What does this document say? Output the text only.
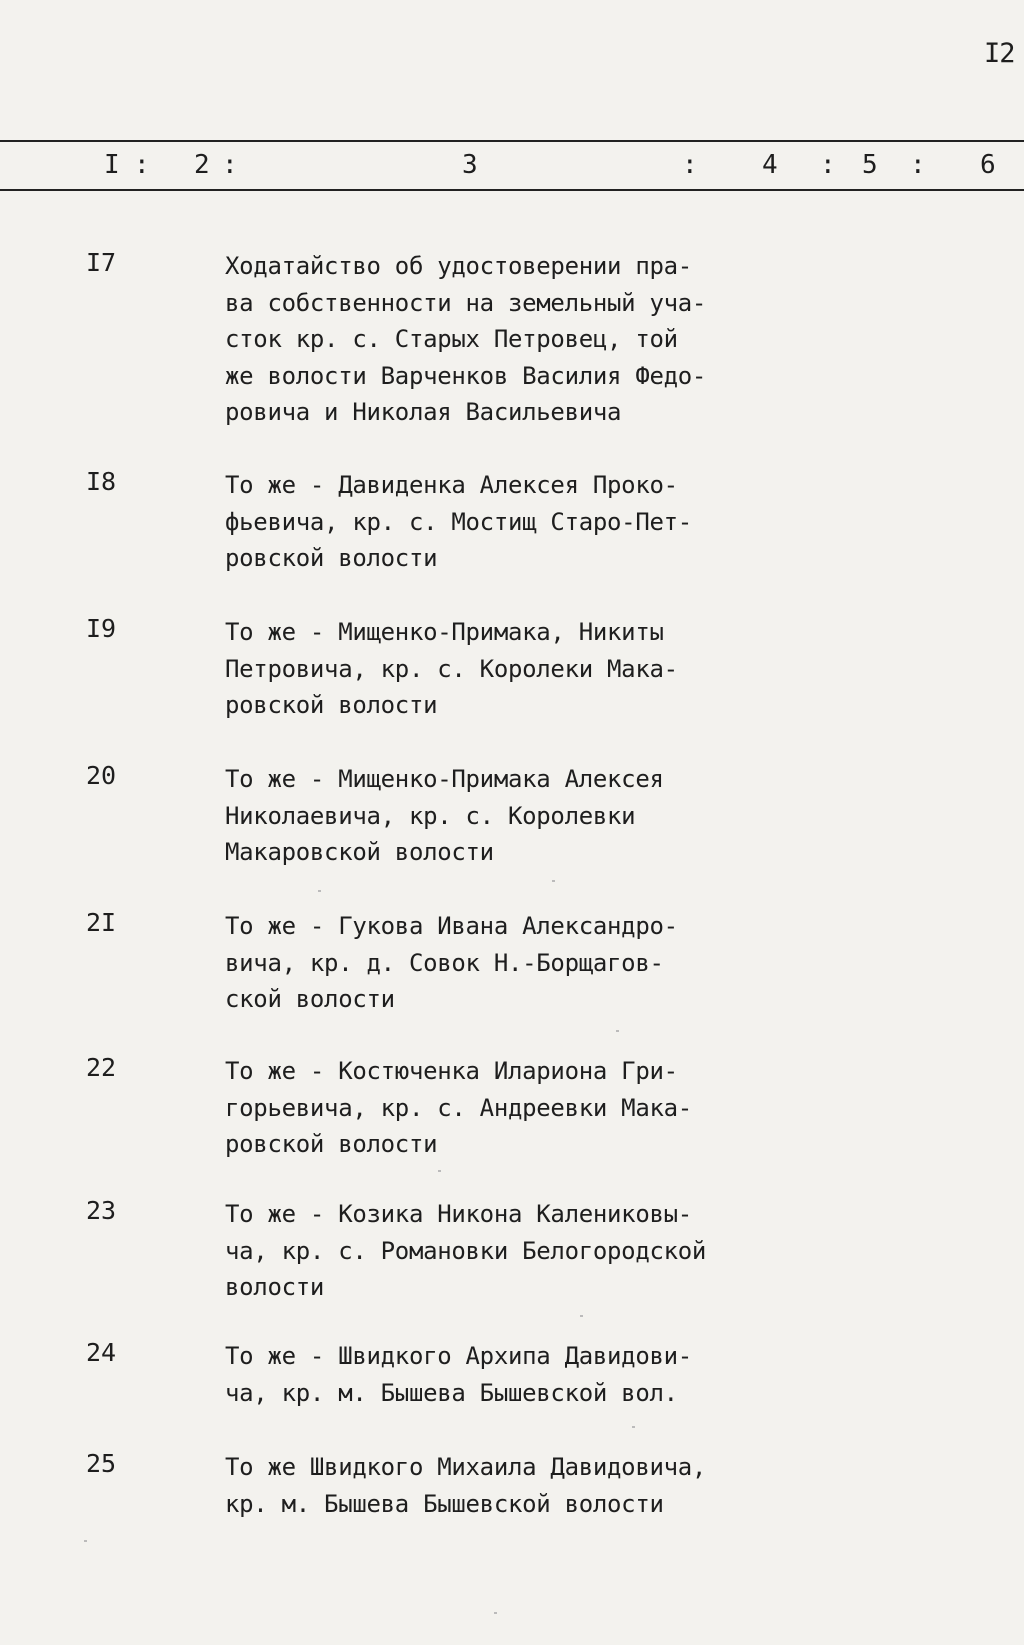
I2
I : 2 :	3	: 4 : 5 : 6
I7	Ходатайство об удостоверении пра-
ва собственности на земельный уча-
сток кр. с. Старых Петровец, той
же волости Варченков Василия Федо-
ровича и Николая Васильевича
I8	То же - Давиденка Алексея Проко-
фьевича, кр. с. Мостищ Старо-Пет-
ровской волости
I9	То же - Мищенко-Примака, Никиты
Петровича, кр. с. Королеки Мака-
ровской волости
20	То же - Мищенко-Примака Алексея
Николаевича, кр. с. Королевки
Макаровской волости
2I	То же - Гукова Ивана Александро-
вича, кр. д. Совок Н.-Борщагов-
ской волости
22	То же - Костюченка Илариона Гри-
горьевича, кр. с. Андреевки Мака-
ровской волости
23	То же - Козика Никона Калениковы-
ча, кр. с. Романовки Белогородской
волости
24	То же - Швидкого Архипа Давидови-
ча, кр. м. Бышева Бышевской вол.
25	То же Швидкого Михаила Давидовича,
кр. м. Бышева Бышевской волости
